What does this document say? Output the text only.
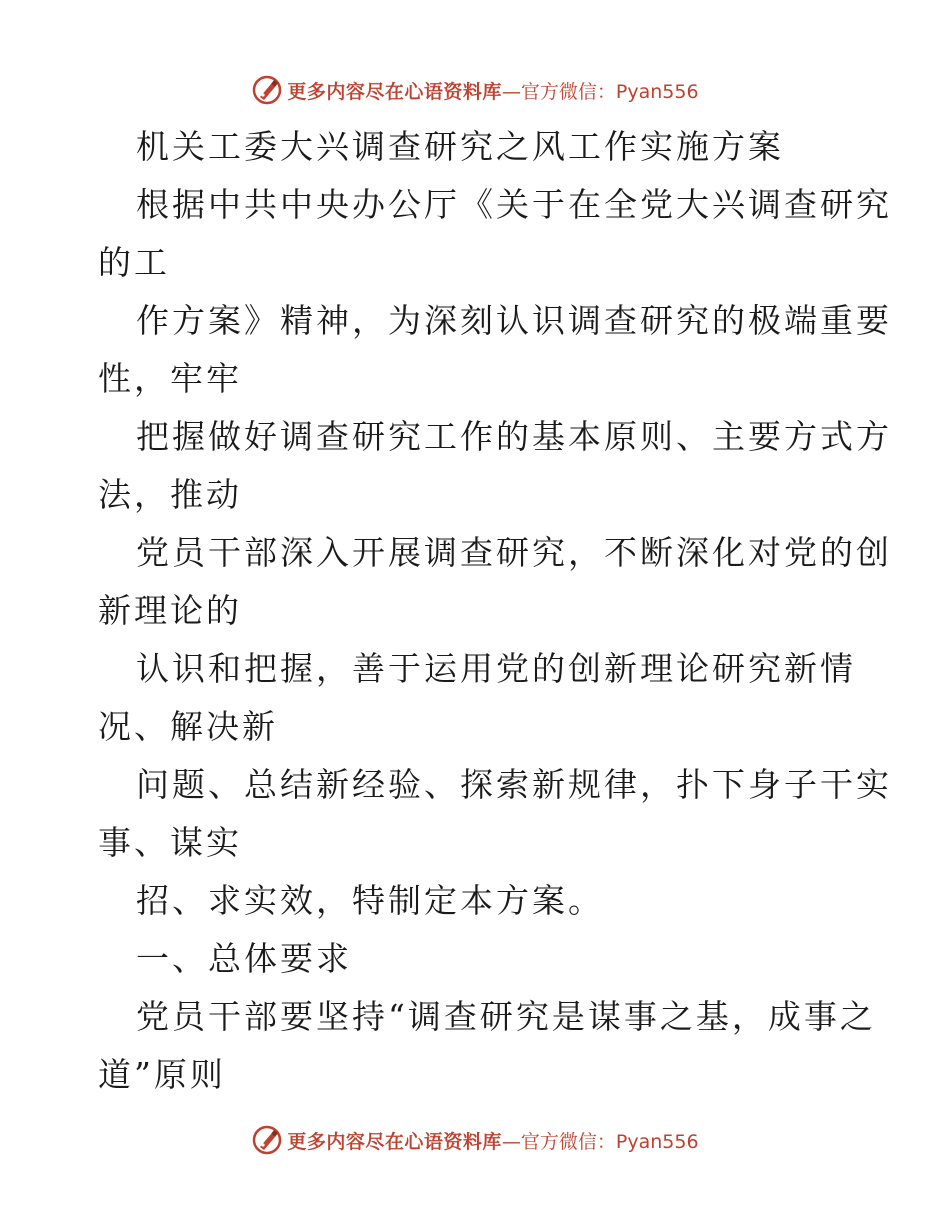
更多内容尽在心语资料库 —官方微信：Pyan556
机关工委大兴调查研究之风工作实施方案
根据中共中央办公厅《关于在全党大兴调查研究
的工
作方案》精神，为深刻认识调查研究的极端重要
性，牢牢
把握做好调查研究工作的基本原则、主要方式方
法，推动
党员干部深入开展调查研究，不断深化对党的创
新理论的
认识和把握，善于运用党的创新理论研究新情
况、解决新
问题、总结新经验、探索新规律，扑下身子干实
事、谋实
招、求实效，特制定本方案。
一、总体要求
党员干部要坚持“调查研究是谋事之基，成事之
道”原则
更多内容尽在心语资料库 —官方微信：Pyan556
